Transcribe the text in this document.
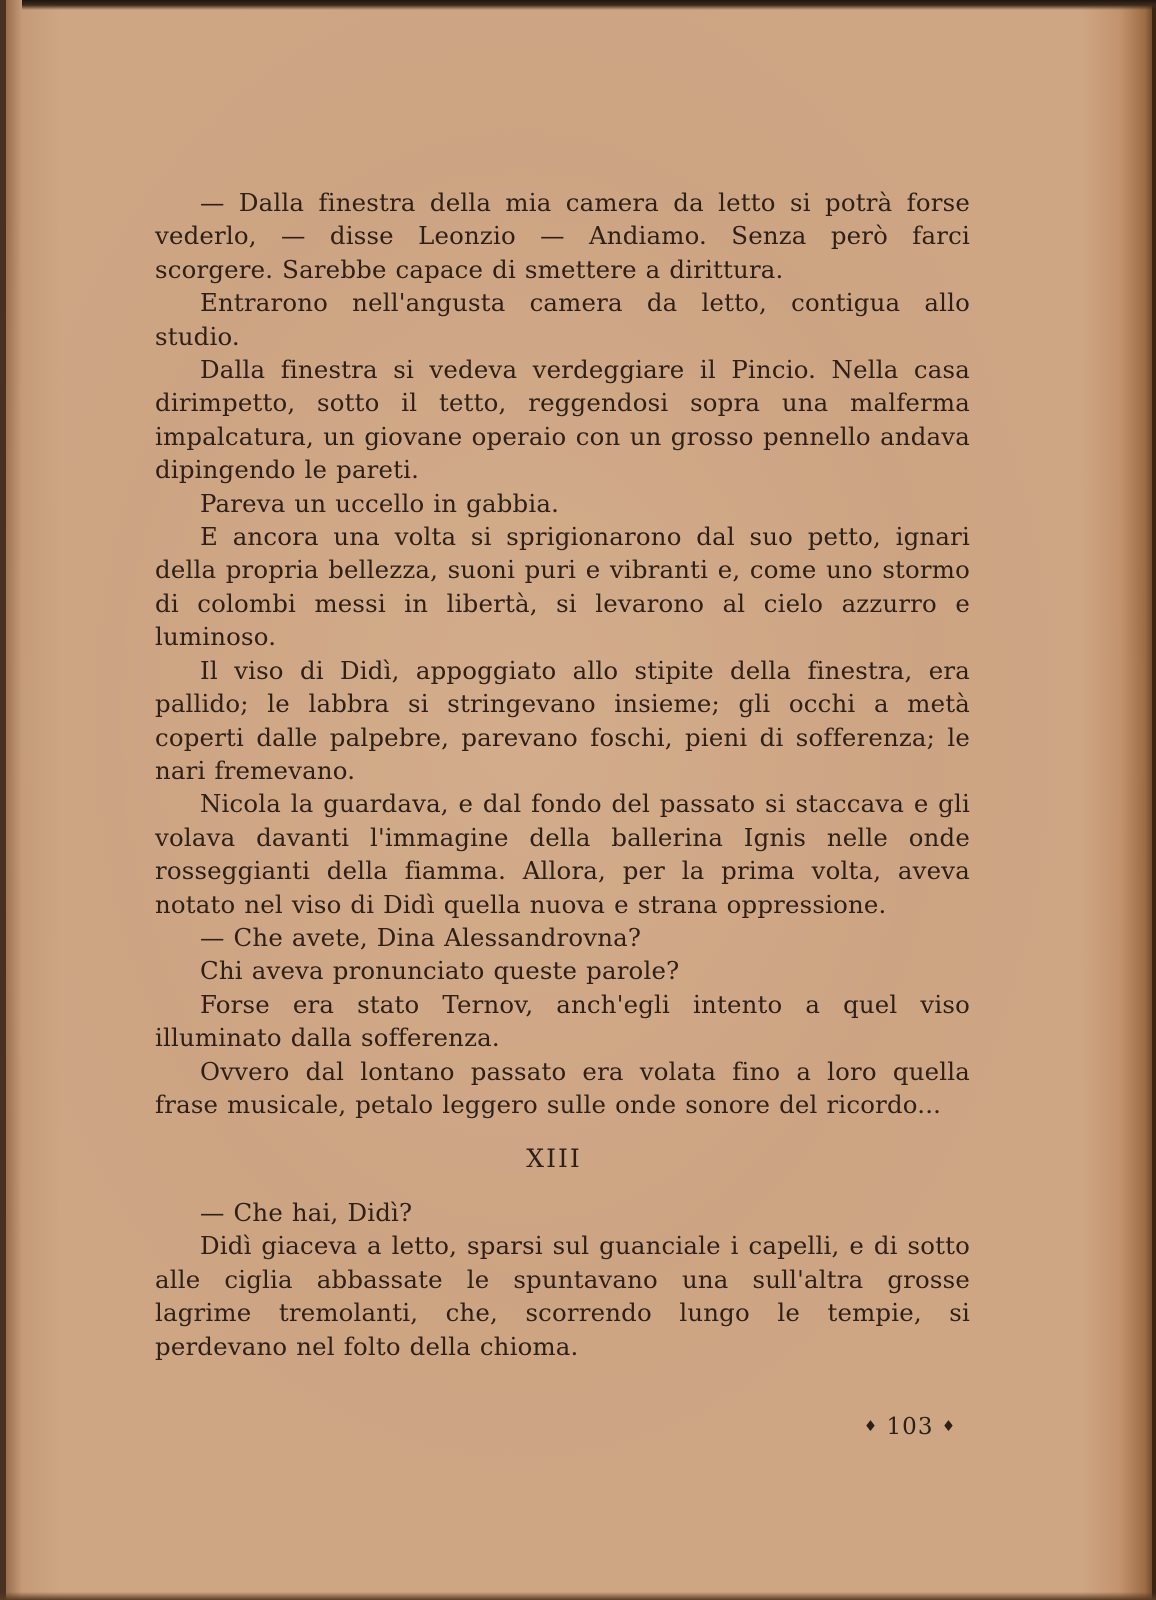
— Dalla finestra della mia camera da letto si potrà forse vederlo, — disse Leonzio — Andiamo. Senza però farci scorgere. Sarebbe capace di smettere a dirittura.

Entrarono nell'angusta camera da letto, contigua allo studio.

Dalla finestra si vedeva verdeggiare il Pincio. Nella casa dirimpetto, sotto il tetto, reggendosi sopra una malferma impalcatura, un giovane operaio con un grosso pennello andava dipingendo le pareti.

Pareva un uccello in gabbia.

E ancora una volta si sprigionarono dal suo petto, ignari della propria bellezza, suoni puri e vibranti e, come uno stormo di colombi messi in libertà, si levarono al cielo azzurro e luminoso.

Il viso di Didì, appoggiato allo stipite della finestra, era pallido; le labbra si stringevano insieme; gli occhi a metà coperti dalle palpebre, parevano foschi, pieni di sofferenza; le nari fremevano.

Nicola la guardava, e dal fondo del passato si staccava e gli volava davanti l'immagine della ballerina Ignis nelle onde rosseggianti della fiamma. Allora, per la prima volta, aveva notato nel viso di Didì quella nuova e strana oppressione.

— Che avete, Dina Alessandrovna?

Chi aveva pronunciato queste parole?

Forse era stato Ternov, anch'egli intento a quel viso illuminato dalla sofferenza.

Ovvero dal lontano passato era volata fino a loro quella frase musicale, petalo leggero sulle onde sonore del ricordo...

XIII

— Che hai, Didì?

Didì giaceva a letto, sparsi sul guanciale i capelli, e di sotto alle ciglia abbassate le spuntavano una sull'altra grosse lagrime tremolanti, che, scorrendo lungo le tempie, si perdevano nel folto della chioma.

♦ 103 ♦
